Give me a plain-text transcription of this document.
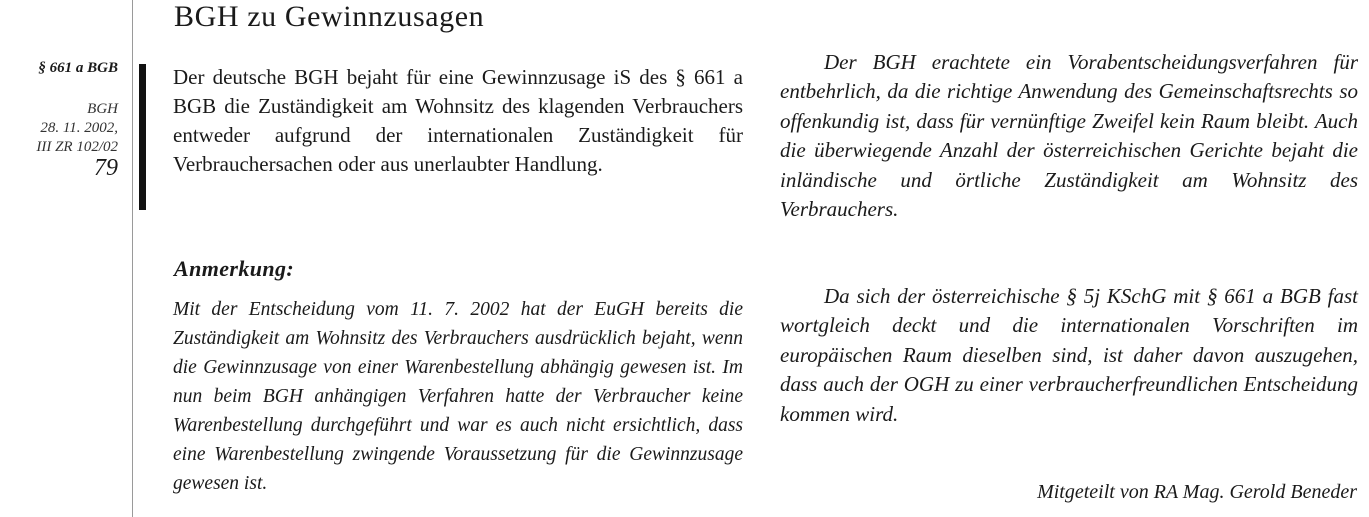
§ 661 a BGB
BGH
28. 11. 2002,
III ZR 102/02
79
BGH zu Gewinnzusagen
Der deutsche BGH bejaht für eine Gewinnzusage iS des § 661 a BGB die Zuständigkeit am Wohnsitz des klagenden Verbrauchers entweder aufgrund der internationalen Zuständigkeit für Verbrauchersachen oder aus unerlaubter Handlung.
Anmerkung:
Mit der Entscheidung vom 11. 7. 2002 hat der EuGH bereits die Zuständigkeit am Wohnsitz des Verbrauchers ausdrücklich bejaht, wenn die Gewinnzusage von einer Warenbestellung abhängig gewesen ist. Im nun beim BGH anhängigen Verfahren hatte der Verbraucher keine Warenbestellung durchgeführt und war es auch nicht ersichtlich, dass eine Warenbestellung zwingende Voraussetzung für die Gewinnzusage gewesen ist.

Der BGH erachtete ein Vorabentscheidungsverfahren für entbehrlich, da die richtige Anwendung des Gemeinschaftsrechts so offenkundig ist, dass für vernünftige Zweifel kein Raum bleibt. Auch die überwiegende Anzahl der österreichischen Gerichte bejaht die inländische und örtliche Zuständigkeit am Wohnsitz des Verbrauchers.

Da sich der österreichische § 5j KSchG mit § 661 a BGB fast wortgleich deckt und die internationalen Vorschriften im europäischen Raum dieselben sind, ist daher davon auszugehen, dass auch der OGH zu einer verbraucherfreundlichen Entscheidung kommen wird.

Mitgeteilt von RA Mag. Gerold Beneder
